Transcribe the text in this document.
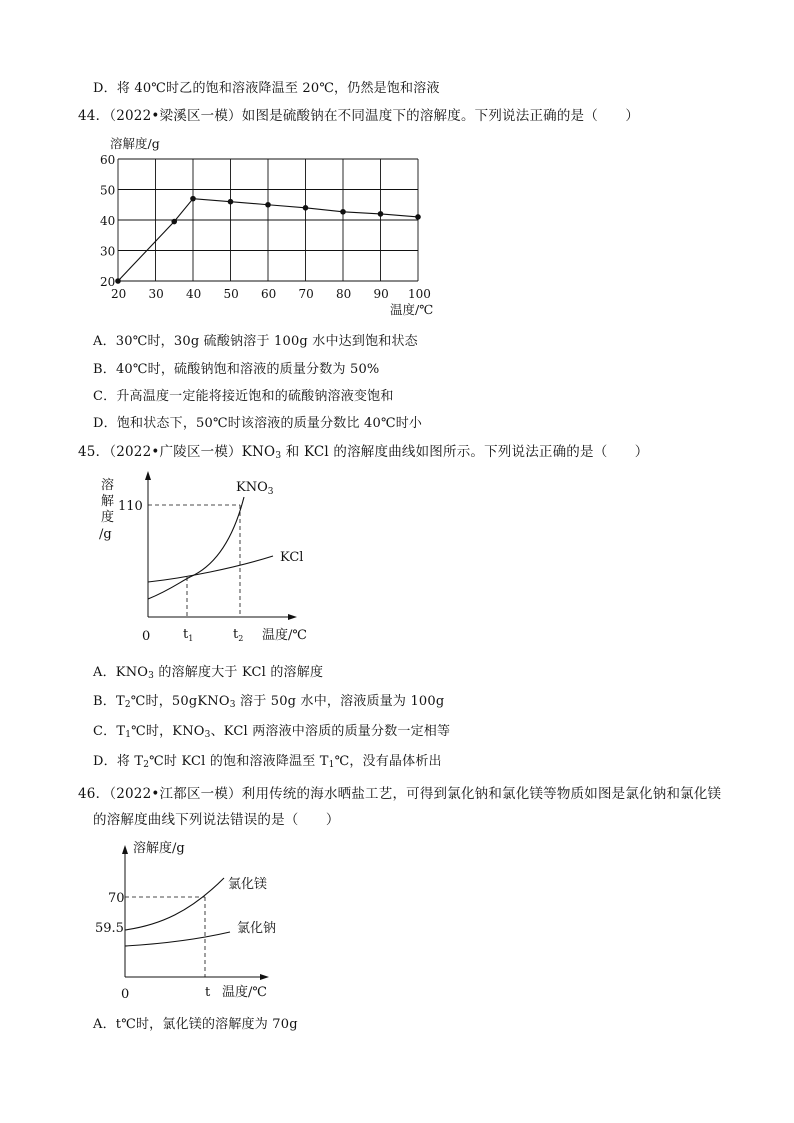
D．将 40℃时乙的饱和溶液降温至 20℃，仍然是饱和溶液
44．（2022•梁溪区一模）如图是硫酸钠在不同温度下的溶解度。下列说法正确的是（　　）
溶解度/g
20
30
40
50
60
20 30 40 50 60 70 80 90 100
温度/℃
A．30℃时，30g 硫酸钠溶于 100g 水中达到饱和状态
B．40℃时，硫酸钠饱和溶液的质量分数为 50%
C．升高温度一定能将接近饱和的硫酸钠溶液变饱和
D．饱和状态下，50℃时该溶液的质量分数比 40℃时小
45．（2022•广陵区一模）$KNO_3$ 和 KCl 的溶解度曲线如图所示。下列说法正确的是（　　）
溶
解
度
/g
110
$KNO_3$
KCl
0	$t_1$	$t_2$ 温度/℃
A．$KNO_3$ 的溶解度大于 KCl 的溶解度
B．$T_2℃$时，50gKNO$_3$ 溶于 50g 水中，溶液质量为 100g
C．$T_1℃$时，$KNO_3$、KCl 两溶液中溶质的质量分数一定相等
D．将 $T_2℃$时 KCl 的饱和溶液降温至 $T_1℃$，没有晶体析出
46．（2022•江都区一模）利用传统的海水晒盐工艺，可得到氯化钠和氯化镁等物质如图是氯化钠和氯化镁
的溶解度曲线下列说法错误的是（　　）
溶解度/g
70
59.5
氯化镁
氯化钠
0	t 温度/℃
A．t℃时，氯化镁的溶解度为 70g
